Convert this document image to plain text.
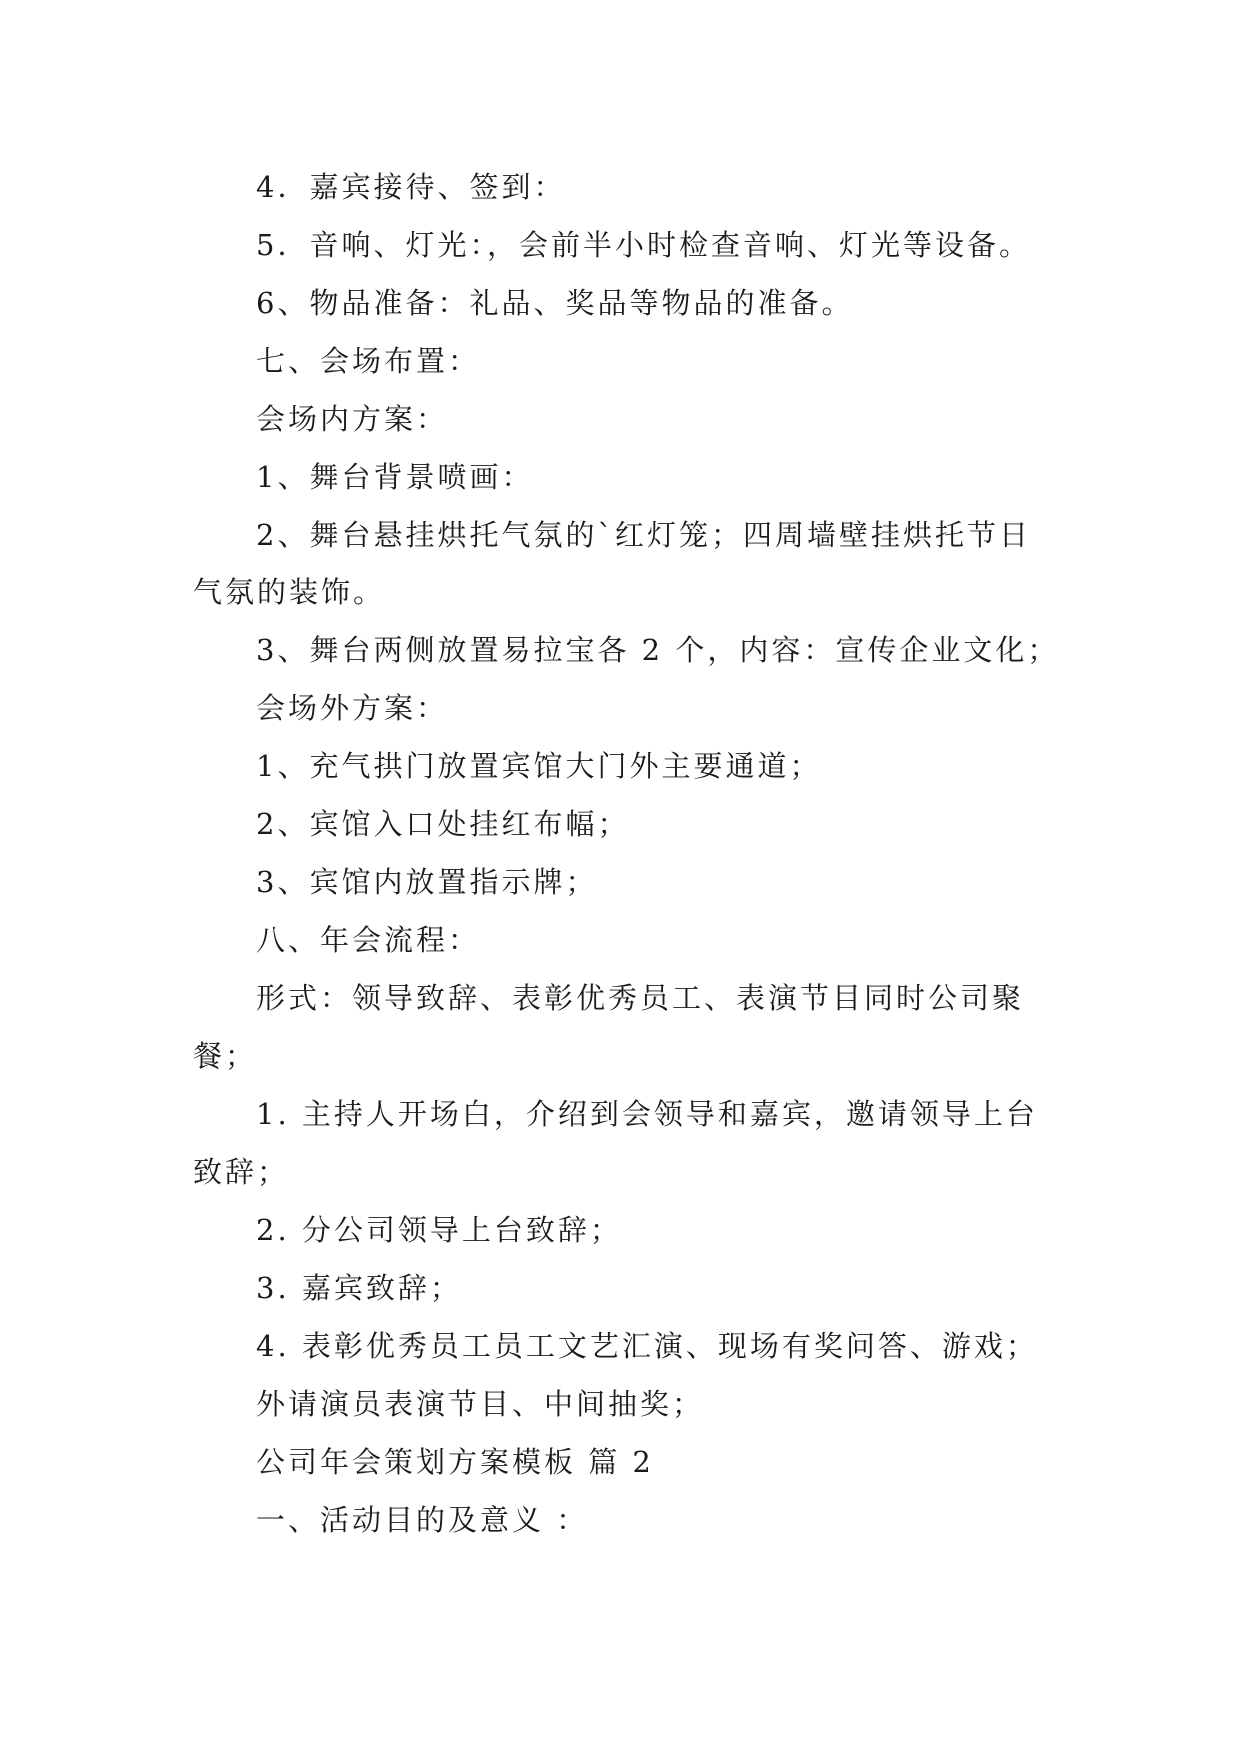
4．嘉宾接待、签到：
5．音响、灯光：，会前半小时检查音响、灯光等设备。
6、物品准备：礼品、奖品等物品的准备。
七、会场布置：
会场内方案：
1、舞台背景喷画：
2、舞台悬挂烘托气氛的`红灯笼；四周墙壁挂烘托节日
气氛的装饰。
3、舞台两侧放置易拉宝各 2 个，内容：宣传企业文化；
会场外方案：
1、充气拱门放置宾馆大门外主要通道；
2、宾馆入口处挂红布幅；
3、宾馆内放置指示牌；
八、年会流程：
形式：领导致辞、表彰优秀员工、表演节目同时公司聚
餐；
1. 主持人开场白，介绍到会领导和嘉宾，邀请领导上台
致辞；
2. 分公司领导上台致辞；
3. 嘉宾致辞；
4. 表彰优秀员工员工文艺汇演、现场有奖问答、游戏；
外请演员表演节目、中间抽奖；
公司年会策划方案模板 篇 2
一、活动目的及意义 ：
